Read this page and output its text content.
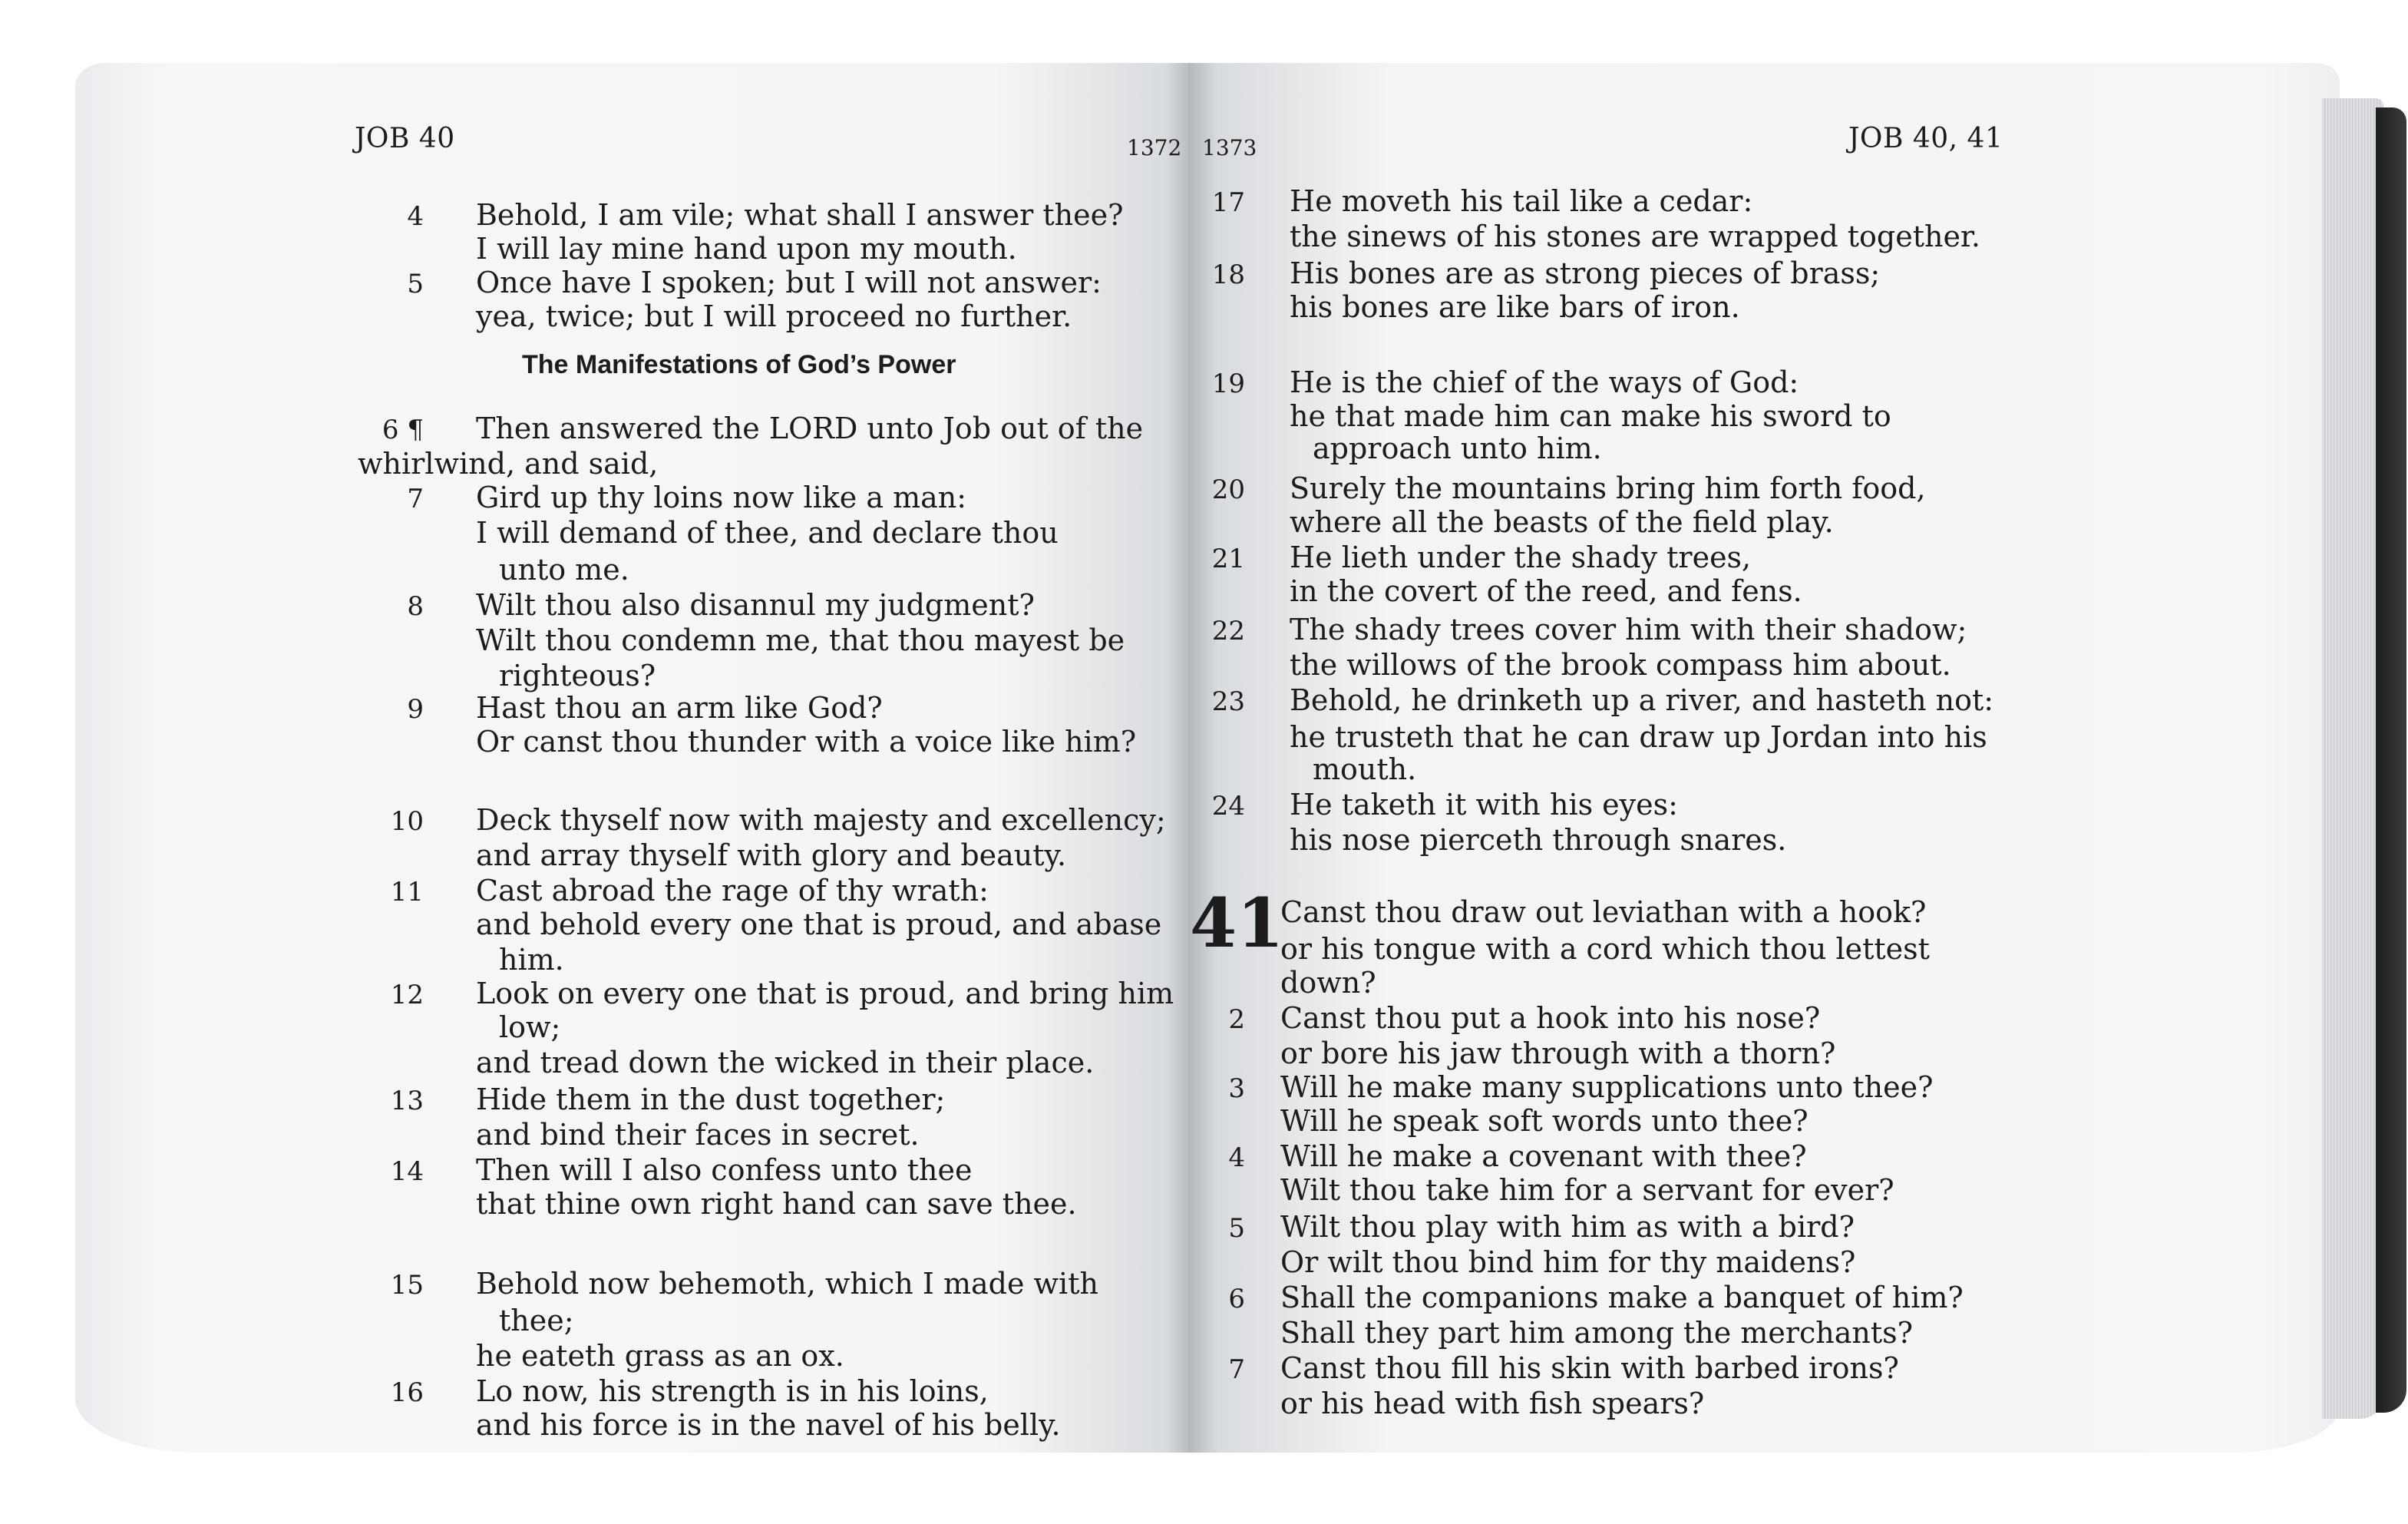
JOB 40	1372
The Manifestations of God’s Power
JOB 40, 41
1373
41
4 Behold, I am vile; what shall I answer thee?
I will lay mine hand upon my mouth.
5 Once have I spoken; but I will not answer:
yea, twice; but I will proceed no further.
6 ¶ Then answered the LORD unto Job out of the
whirlwind, and said,
7 Gird up thy loins now like a man:
I will demand of thee, and declare thou
unto me.
8 Wilt thou also disannul my judgment?
Wilt thou condemn me, that thou mayest be
righteous?
9 Hast thou an arm like God?
Or canst thou thunder with a voice like him?
10 Deck thyself now with majesty and excellency;
and array thyself with glory and beauty.
11 Cast abroad the rage of thy wrath:
and behold every one that is proud, and abase
him.
12 Look on every one that is proud, and bring him
low;
and tread down the wicked in their place.
13 Hide them in the dust together;
and bind their faces in secret.
14 Then will I also confess unto thee
that thine own right hand can save thee.
15 Behold now behemoth, which I made with
thee;
he eateth grass as an ox.
16 Lo now, his strength is in his loins,
and his force is in the navel of his belly.
17 He moveth his tail like a cedar:
the sinews of his stones are wrapped together.
18 His bones are as strong pieces of brass;
his bones are like bars of iron.
19 He is the chief of the ways of God:
he that made him can make his sword to
approach unto him.
20 Surely the mountains bring him forth food,
where all the beasts of the field play.
21 He lieth under the shady trees,
in the covert of the reed, and fens.
22 The shady trees cover him with their shadow;
the willows of the brook compass him about.
23 Behold, he drinketh up a river, and hasteth not:
he trusteth that he can draw up Jordan into his
mouth.
24 He taketh it with his eyes:
his nose pierceth through snares.
Canst thou draw out leviathan with a hook?
or his tongue with a cord which thou lettest
down?
2 Canst thou put a hook into his nose?
or bore his jaw through with a thorn?
3 Will he make many supplications unto thee?
Will he speak soft words unto thee?
4 Will he make a covenant with thee?
Wilt thou take him for a servant for ever?
5 Wilt thou play with him as with a bird?
Or wilt thou bind him for thy maidens?
6 Shall the companions make a banquet of him?
Shall they part him among the merchants?
7 Canst thou fill his skin with barbed irons?
or his head with fish spears?
